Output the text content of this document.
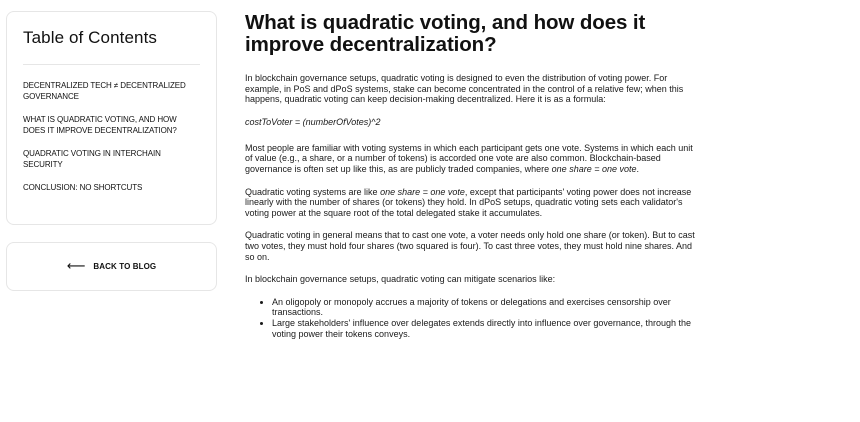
Table of Contents
DECENTRALIZED TECH ≠ DECENTRALIZED GOVERNANCE
WHAT IS QUADRATIC VOTING, AND HOW DOES IT IMPROVE DECENTRALIZATION?
QUADRATIC VOTING IN INTERCHAIN SECURITY
CONCLUSION: NO SHORTCUTS
⟵ BACK TO BLOG
What is quadratic voting, and how does it improve decentralization?

In blockchain governance setups, quadratic voting is designed to even the distribution of voting power. For example, in PoS and dPoS systems, stake can become concentrated in the control of a relative few; when this happens, quadratic voting can keep decision-making decentralized. Here it is as a formula:

costToVoter = (numberOfVotes)^2

Most people are familiar with voting systems in which each participant gets one vote. Systems in which each unit of value (e.g., a share, or a number of tokens) is accorded one vote are also common. Blockchain-based governance is often set up like this, as are publicly traded companies, where one share = one vote.

Quadratic voting systems are like one share = one vote, except that participants' voting power does not increase linearly with the number of shares (or tokens) they hold. In dPoS setups, quadratic voting sets each validator's voting power at the square root of the total delegated stake it accumulates.

Quadratic voting in general means that to cast one vote, a voter needs only hold one share (or token). But to cast two votes, they must hold four shares (two squared is four). To cast three votes, they must hold nine shares. And so on.

In blockchain governance setups, quadratic voting can mitigate scenarios like:

• An oligopoly or monopoly accrues a majority of tokens or delegations and exercises censorship over transactions.
• Large stakeholders' influence over delegates extends directly into influence over governance, through the voting power their tokens conveys.
